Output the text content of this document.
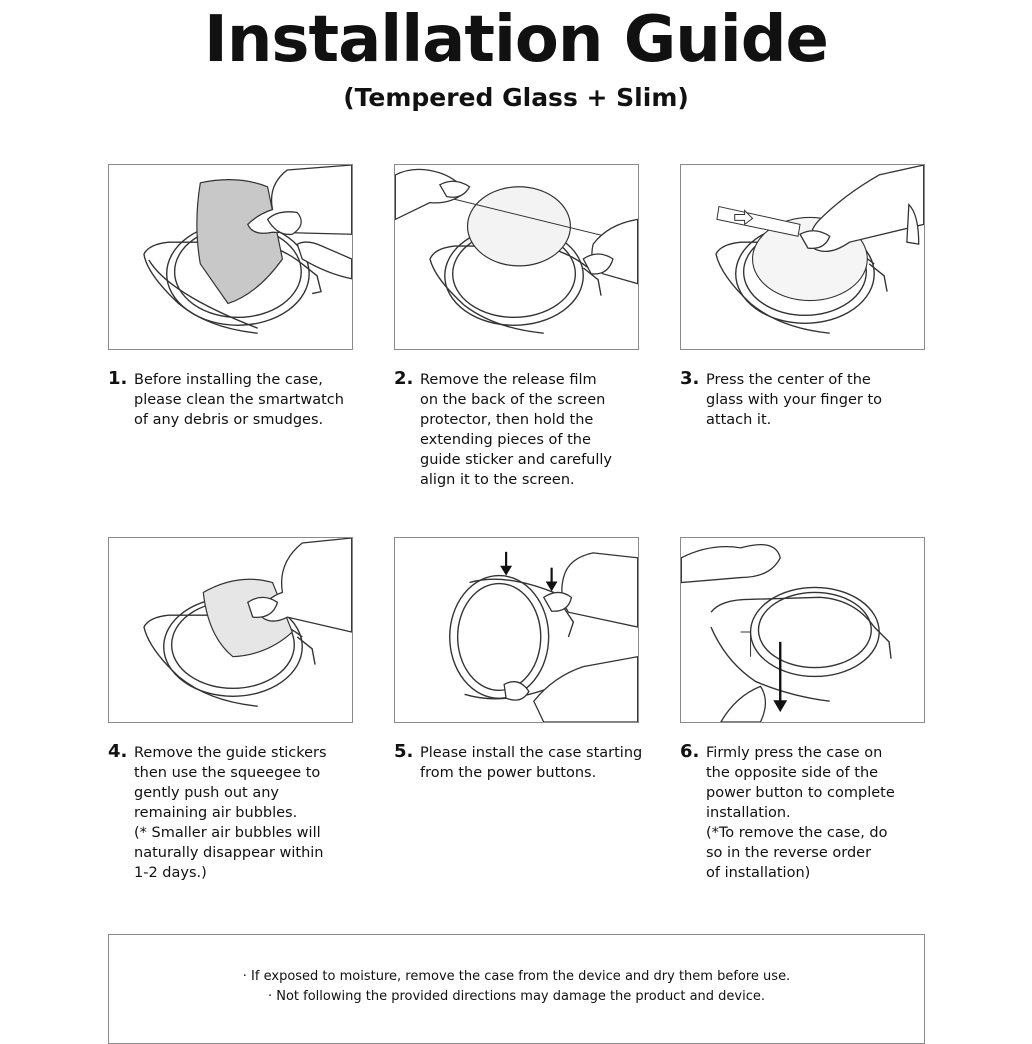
Installation Guide
(Tempered Glass + Slim)
1. Before installing the case,
please clean the smartwatch
of any debris or smudges.
2. Remove the release film
on the back of the screen
protector, then hold the
extending pieces of the
guide sticker and carefully
align it to the screen.
3. Press the center of the
glass with your finger to
attach it.
4. Remove the guide stickers
then use the squeegee to
gently push out any
remaining air bubbles.
(* Smaller air bubbles will
naturally disappear within
1-2 days.)
5. Please install the case starting
from the power buttons.
6. Firmly press the case on
the opposite side of the
power button to complete
installation.
(*To remove the case, do
so in the reverse order
of installation)
· If exposed to moisture, remove the case from the device and dry them before use.
· Not following the provided directions may damage the product and device.
